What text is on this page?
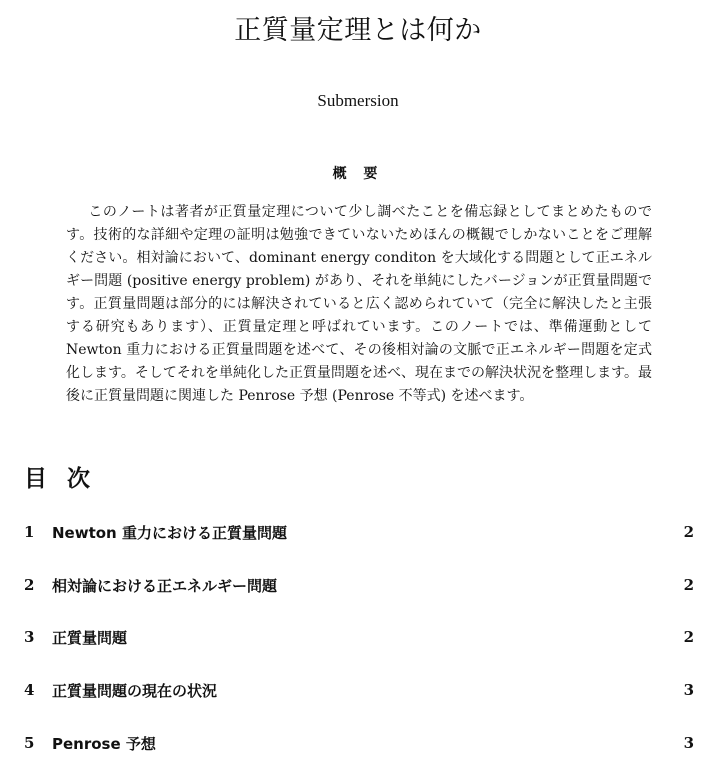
正質量定理とは何か
Submersion
概 要

このノートは著者が正質量定理について少し調べたことを備忘録としてまとめたものです。技術的な詳細や定理の証明は勉強できていないためほんの概観でしかないことをご理解ください。相対論において、dominant energy conditon を大域化する問題として正エネルギー問題 (positive energy problem) があり、それを単純にしたバージョンが正質量問題です。正質量問題は部分的には解決されていると広く認められていて（完全に解決したと主張する研究もあります）、正質量定理と呼ばれています。このノートでは、準備運動として Newton 重力における正質量問題を述べて、その後相対論の文脈で正エネルギー問題を定式化します。そしてそれを単純化した正質量問題を述べ、現在までの解決状況を整理します。最後に正質量問題に関連した Penrose 予想 (Penrose 不等式) を述べます。

目 次
1	Newton 重力における正質量問題	2
2	相対論における正エネルギー問題	2
3	正質量問題	2
4	正質量問題の現在の状況	3
5	Penrose 予想	3
